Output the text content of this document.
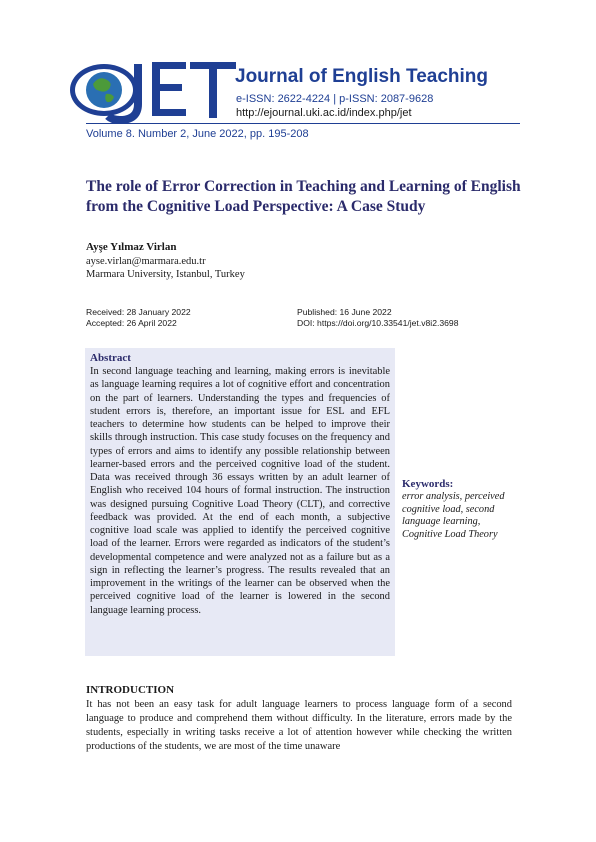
Journal of English Teaching
e-ISSN: 2622-4224 | p-ISSN: 2087-9628
http://ejournal.uki.ac.id/index.php/jet
Volume 8. Number 2, June 2022, pp. 195-208
The role of Error Correction in Teaching and Learning of English from the Cognitive Load Perspective: A Case Study
Ayşe Yılmaz Virlan
ayse.virlan@marmara.edu.tr
Marmara University, Istanbul, Turkey
Received: 28 January 2022
Accepted: 26 April 2022
Published: 16 June 2022
DOI: https://doi.org/10.33541/jet.v8i2.3698
Abstract
In second language teaching and learning, making errors is inevitable as language learning requires a lot of cognitive effort and concentration on the part of learners. Understanding the types and frequencies of student errors is, therefore, an important issue for ESL and EFL teachers to determine how students can be helped to improve their skills through instruction. This case study focuses on the frequency and types of errors and aims to identify any possible relationship between learner-based errors and the perceived cognitive load of the student. Data was received through 36 essays written by an adult learner of English who received 104 hours of formal instruction. The instruction was designed pursuing Cognitive Load Theory (CLT), and corrective feedback was provided. At the end of each month, a subjective cognitive load scale was applied to identify the perceived cognitive load of the learner. Errors were regarded as indicators of the student’s developmental competence and were analyzed not as a failure but as a sign in reflecting the learner’s progress. The results revealed that an improvement in the writings of the learner can be observed when the perceived cognitive load of the learner is lowered in the second language learning process.
Keywords:
error analysis, perceived cognitive load, second language learning, Cognitive Load Theory
INTRODUCTION
It has not been an easy task for adult language learners to process language form of a second language to produce and comprehend them without difficulty. In the literature, errors made by the students, especially in writing tasks receive a lot of attention however while checking the written productions of the students, we are most of the time unaware
